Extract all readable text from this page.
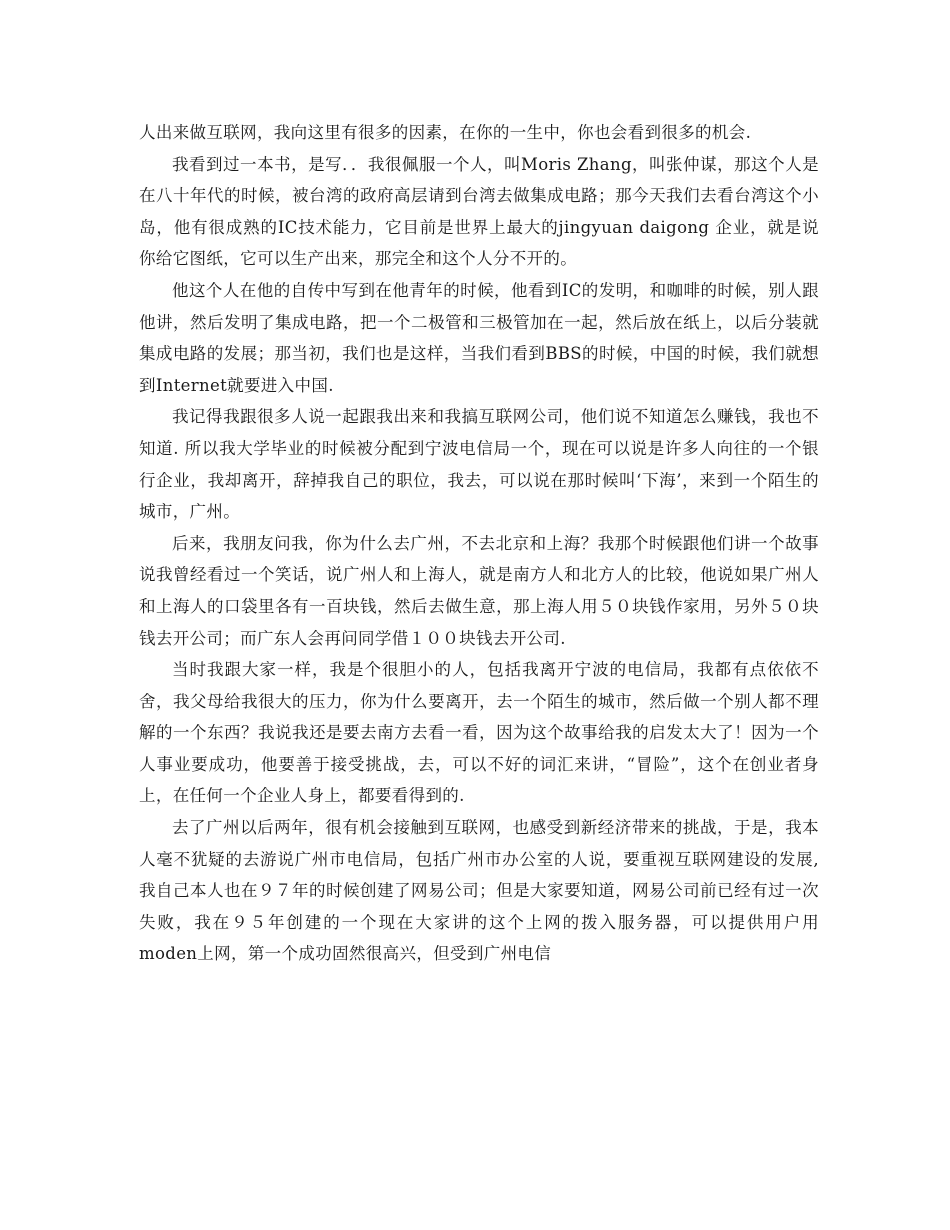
人出来做互联网，我向这里有很多的因素，在你的一生中，你也会看到很多的机会.

我看到过一本书，是写．．我很佩服一个人，叫Moris Zhang，叫张仲谋，那这个人是在八十年代的时候，被台湾的政府高层请到台湾去做集成电路；那今天我们去看台湾这个小岛，他有很成熟的IC技术能力，它目前是世界上最大的jingyuan daigong 企业，就是说你给它图纸，它可以生产出来，那完全和这个人分不开的。

他这个人在他的自传中写到在他青年的时候，他看到IC的发明，和咖啡的时候，别人跟他讲，然后发明了集成电路，把一个二极管和三极管加在一起，然后放在纸上，以后分装就集成电路的发展；那当初，我们也是这样，当我们看到BBS的时候，中国的时候，我们就想到Internet就要进入中国.

我记得我跟很多人说一起跟我出来和我搞互联网公司，他们说不知道怎么赚钱，我也不知道. 所以我大学毕业的时候被分配到宁波电信局一个，现在可以说是许多人向往的一个银行企业，我却离开，辞掉我自己的职位，我去，可以说在那时候叫‘下海’，来到一个陌生的城市，广州。

后来，我朋友问我，你为什么去广州，不去北京和上海？我那个时候跟他们讲一个故事说我曾经看过一个笑话，说广州人和上海人，就是南方人和北方人的比较，他说如果广州人和上海人的口袋里各有一百块钱，然后去做生意，那上海人用５０块钱作家用，另外５０块钱去开公司；而广东人会再问同学借１００块钱去开公司.

当时我跟大家一样，我是个很胆小的人，包括我离开宁波的电信局，我都有点依依不舍，我父母给我很大的压力，你为什么要离开，去一个陌生的城市，然后做一个别人都不理解的一个东西？我说我还是要去南方去看一看，因为这个故事给我的启发太大了！因为一个人事业要成功，他要善于接受挑战，去，可以不好的词汇来讲，“冒险”，这个在创业者身上，在任何一个企业人身上，都要看得到的.

去了广州以后两年，很有机会接触到互联网，也感受到新经济带来的挑战，于是，我本人毫不犹疑的去游说广州市电信局，包括广州市办公室的人说，要重视互联网建设的发展, 我自己本人也在９７年的时候创建了网易公司；但是大家要知道，网易公司前已经有过一次失败，我在９５年创建的一个现在大家讲的这个上网的拨入服务器，可以提供用户用moden上网，第一个成功固然很高兴，但受到广州电信
